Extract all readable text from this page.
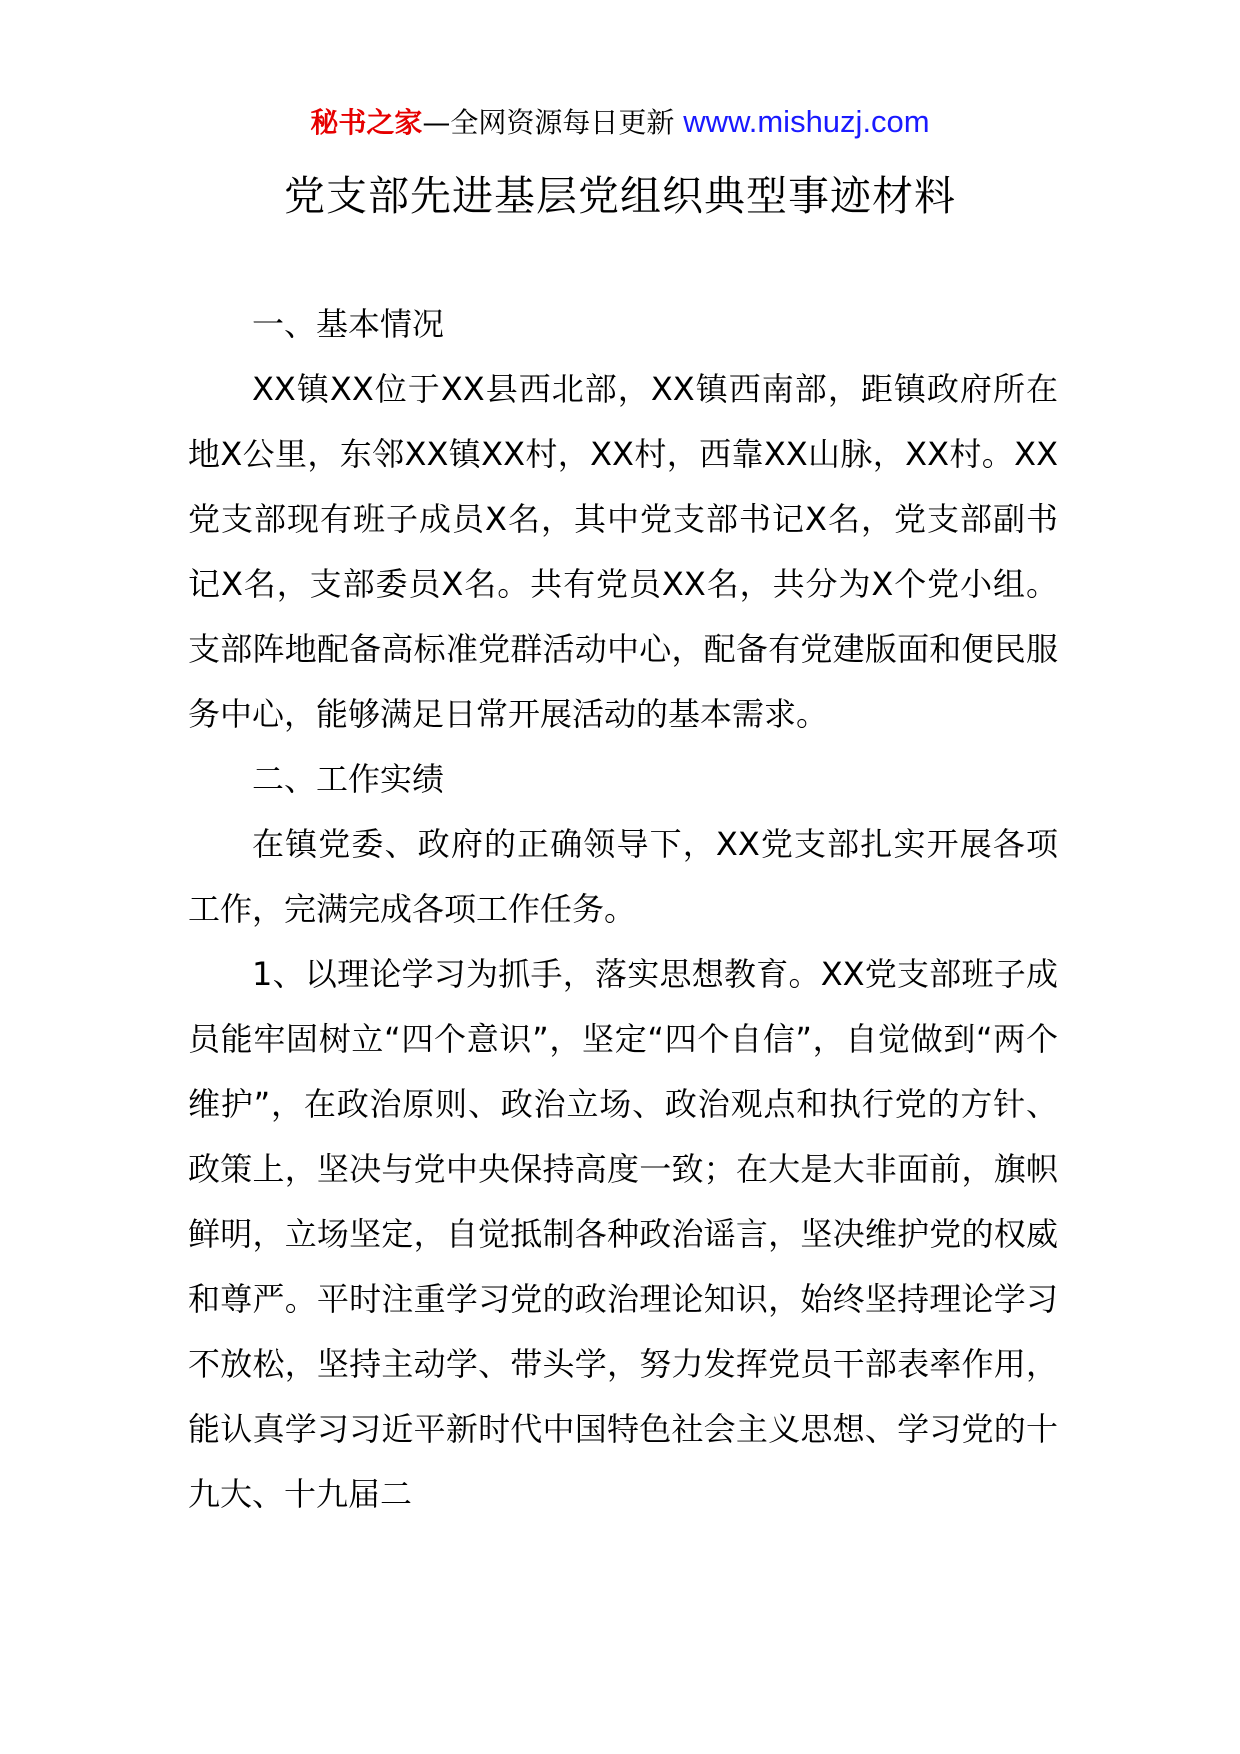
秘书之家—全网资源每日更新 www.mishuzj.com
党支部先进基层党组织典型事迹材料

一、基本情况

XX镇XX位于XX县西北部，XX镇西南部，距镇政府所在地X公里，东邻XX镇XX村，XX村，西靠XX山脉，XX村。XX党支部现有班子成员X名，其中党支部书记X名，党支部副书记X名，支部委员X名。共有党员XX名，共分为X个党小组。支部阵地配备高标准党群活动中心，配备有党建版面和便民服务中心，能够满足日常开展活动的基本需求。

二、工作实绩

在镇党委、政府的正确领导下，XX党支部扎实开展各项工作，完满完成各项工作任务。

1、以理论学习为抓手，落实思想教育。XX党支部班子成员能牢固树立“四个意识”，坚定“四个自信”，自觉做到“两个维护”，在政治原则、政治立场、政治观点和执行党的方针、政策上，坚决与党中央保持高度一致；在大是大非面前，旗帜鲜明，立场坚定，自觉抵制各种政治谣言，坚决维护党的权威和尊严。平时注重学习党的政治理论知识，始终坚持理论学习不放松，坚持主动学、带头学，努力发挥党员干部表率作用，能认真学习习近平新时代中国特色社会主义思想、学习党的十九大、十九届二
